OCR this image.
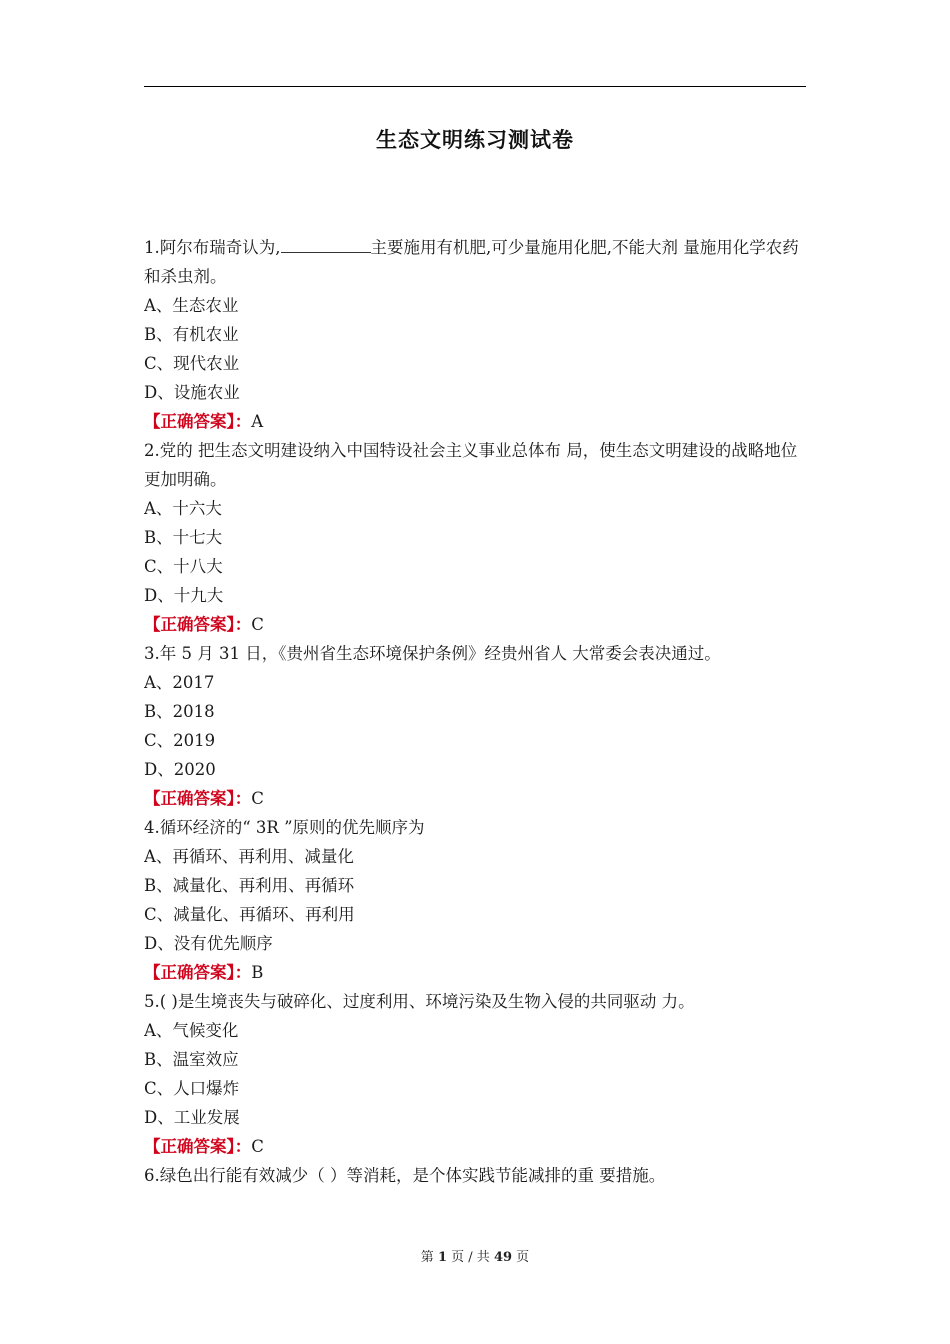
生态文明练习测试卷
1.阿尔布瑞奇认为,	主要施用有机肥,可少量施用化肥,不能大剂 量施用化学农药和杀虫剂。
A、生态农业
B、有机农业
C、现代农业
D、设施农业
【正确答案】：A
2.党的 把生态文明建设纳入中国特设社会主义事业总体布 局，使生态文明建设的战略地位更加明确。
A、十六大
B、十七大
C、十八大
D、十九大
【正确答案】：C
3.年 5 月 31 日，《贵州省生态环境保护条例》经贵州省人 大常委会表决通过。
A、2017
B、2018
C、2019
D、2020
【正确答案】：C
4.循环经济的“ 3R ”原则的优先顺序为
A、再循环、再利用、减量化
B、减量化、再利用、再循环
C、减量化、再循环、再利用
D、没有优先顺序
【正确答案】：B
5.( )是生境丧失与破碎化、过度利用、环境污染及生物入侵的共同驱动 力。
A、气候变化
B、温室效应
C、人口爆炸
D、工业发展
【正确答案】：C
6.绿色出行能有效减少（ ）等消耗，是个体实践节能减排的重 要措施。
第 1 页 / 共 49 页
